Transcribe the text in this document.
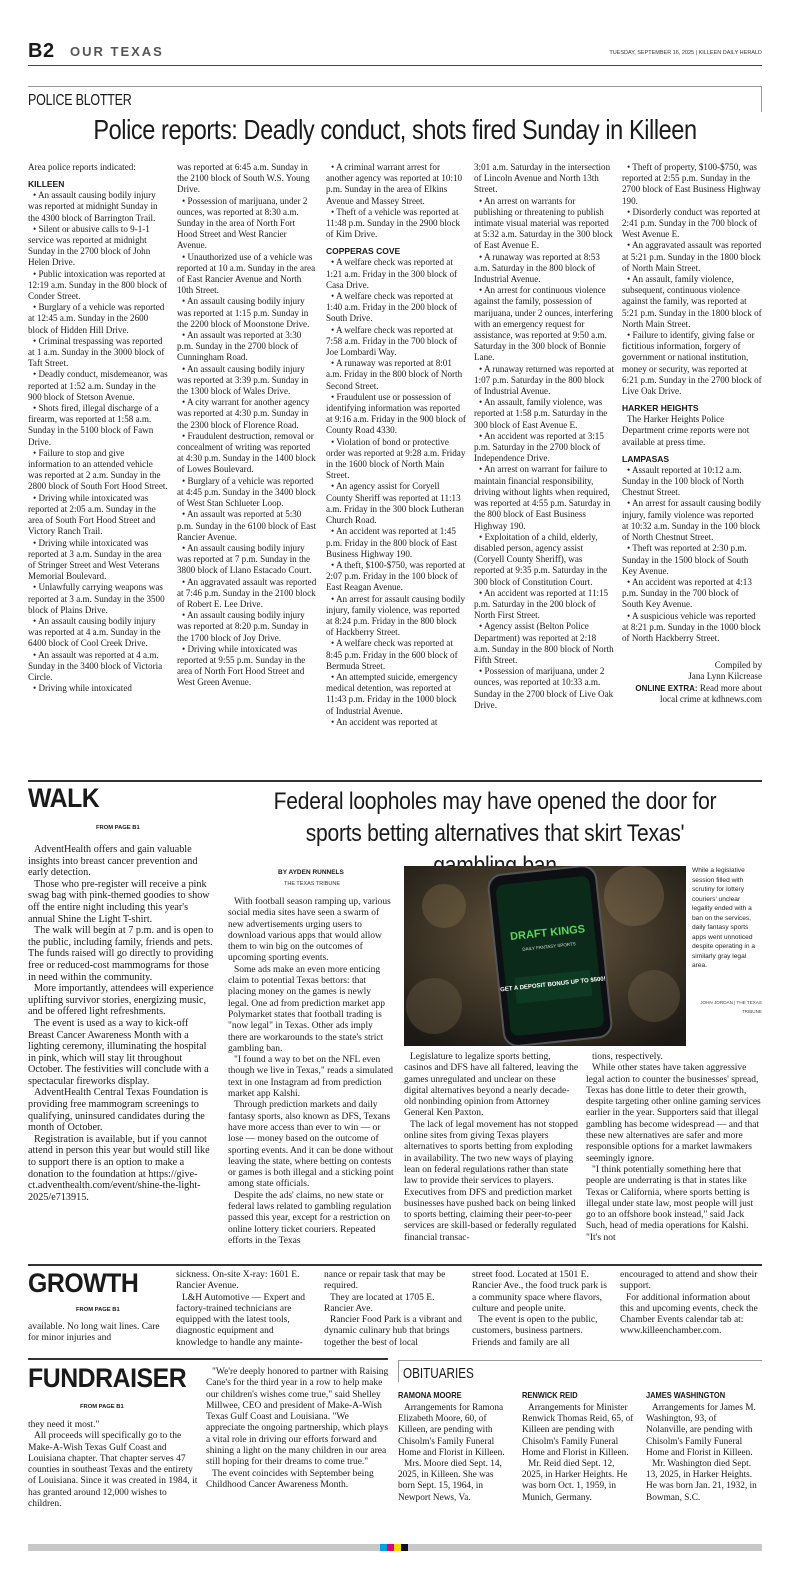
B2 OUR TEXAS	TUESDAY, SEPTEMBER 16, 2025 | KILLEEN DAILY HERALD
POLICE BLOTTER
Police reports: Deadly conduct, shots fired Sunday in Killeen

Area police reports indicated:

KILLEEN

• An assault causing bodily injury was reported at midnight Sunday in the 4300 block of Barrington Trail.

• Silent or abusive calls to 9-1-1 service was reported at midnight Sunday in the 2700 block of John Helen Drive.

• Public intoxication was reported at 12:19 a.m. Sunday in the 800 block of Conder Street.

• Burglary of a vehicle was reported at 12:45 a.m. Sunday in the 2600 block of Hidden Hill Drive.

• Criminal trespassing was reported at 1 a.m. Sunday in the 3000 block of Taft Street.

• Deadly conduct, misdemeanor, was reported at 1:52 a.m. Sunday in the 900 block of Stetson Avenue.

• Shots fired, illegal discharge of a firearm, was reported at 1:58 a.m. Sunday in the 5100 block of Fawn Drive.

• Failure to stop and give information to an attended vehicle was reported at 2 a.m. Sunday in the 2800 block of South Fort Hood Street.

• Driving while intoxicated was reported at 2:05 a.m. Sunday in the area of South Fort Hood Street and Victory Ranch Trail.

• Driving while intoxicated was reported at 3 a.m. Sunday in the area of Stringer Street and West Veterans Memorial Boulevard.

• Unlawfully carrying weapons was reported at 3 a.m. Sunday in the 3500 block of Plains Drive.

• An assault causing bodily injury was reported at 4 a.m. Sunday in the 6400 block of Cool Creek Drive.

• An assault was reported at 4 a.m. Sunday in the 3400 block of Victoria Circle.

• Driving while intoxicated

was reported at 6:45 a.m. Sunday in the 2100 block of South W.S. Young Drive.

• Possession of marijuana, under 2 ounces, was reported at 8:30 a.m. Sunday in the area of North Fort Hood Street and West Rancier Avenue.

• Unauthorized use of a vehicle was reported at 10 a.m. Sunday in the area of East Rancier Avenue and North 10th Street.

• An assault causing bodily injury was reported at 1:15 p.m. Sunday in the 2200 block of Moonstone Drive.

• An assault was reported at 3:30 p.m. Sunday in the 2700 block of Cunningham Road.

• An assault causing bodily injury was reported at 3:39 p.m. Sunday in the 1300 block of Wales Drive.

• A city warrant for another agency was reported at 4:30 p.m. Sunday in the 2300 block of Florence Road.

• Fraudulent destruction, removal or concealment of writing was reported at 4:30 p.m. Sunday in the 1400 block of Lowes Boulevard.

• Burglary of a vehicle was reported at 4:45 p.m. Sunday in the 3400 block of West Stan Schlueter Loop.

• An assault was reported at 5:30 p.m. Sunday in the 6100 block of East Rancier Avenue.

• An assault causing bodily injury was reported at 7 p.m. Sunday in the 3800 block of Llano Estacado Court.

• An aggravated assault was reported at 7:46 p.m. Sunday in the 2100 block of Robert E. Lee Drive.

• An assault causing bodily injury was reported at 8:20 p.m. Sunday in the 1700 block of Joy Drive.

• Driving while intoxicated was reported at 9:55 p.m. Sunday in the area of North Fort Hood Street and West Green Avenue.

• A criminal warrant arrest for another agency was reported at 10:10 p.m. Sunday in the area of Elkins Avenue and Massey Street.

• Theft of a vehicle was reported at 11:48 p.m. Sunday in the 2900 block of Kim Drive.

COPPERAS COVE

• A welfare check was reported at 1:21 a.m. Friday in the 300 block of Casa Drive.

• A welfare check was reported at 1:40 a.m. Friday in the 200 block of South Drive.

• A welfare check was reported at 7:58 a.m. Friday in the 700 block of Joe Lombardi Way.

• A runaway was reported at 8:01 a.m. Friday in the 800 block of North Second Street.

• Fraudulent use or possession of identifying information was reported at 9:16 a.m. Friday in the 900 block of County Road 4330.

• Violation of bond or protective order was reported at 9:28 a.m. Friday in the 1600 block of North Main Street.

• An agency assist for Coryell County Sheriff was reported at 11:13 a.m. Friday in the 300 block Lutheran Church Road.

• An accident was reported at 1:45 p.m. Friday in the 800 block of East Business Highway 190.

• A theft, $100-$750, was reported at 2:07 p.m. Friday in the 100 block of East Reagan Avenue.

• An arrest for assault causing bodily injury, family violence, was reported at 8:24 p.m. Friday in the 800 block of Hackberry Street.

• A welfare check was reported at 8:45 p.m. Friday in the 600 block of Bermuda Street.

• An attempted suicide, emergency medical detention, was reported at 11:43 p.m. Friday in the 1000 block of Industrial Avenue.

• An accident was reported at

3:01 a.m. Saturday in the intersection of Lincoln Avenue and North 13th Street.

• An arrest on warrants for publishing or threatening to publish intimate visual material was reported at 5:32 a.m. Saturday in the 300 block of East Avenue E.

• A runaway was reported at 8:53 a.m. Saturday in the 800 block of Industrial Avenue.

• An arrest for continuous violence against the family, possession of marijuana, under 2 ounces, interfering with an emergency request for assistance, was reported at 9:50 a.m. Saturday in the 300 block of Bonnie Lane.

• A runaway returned was reported at 1:07 p.m. Saturday in the 800 block of Industrial Avenue.

• An assault, family violence, was reported at 1:58 p.m. Saturday in the 300 block of East Avenue E.

• An accident was reported at 3:15 p.m. Saturday in the 2700 block of Independence Drive.

• An arrest on warrant for failure to maintain financial responsibility, driving without lights when required, was reported at 4:55 p.m. Saturday in the 800 block of East Business Highway 190.

• Exploitation of a child, elderly, disabled person, agency assist (Coryell County Sheriff), was reported at 9:35 p.m. Saturday in the 300 block of Constitution Court.

• An accident was reported at 11:15 p.m. Saturday in the 200 block of North First Street.

• Agency assist (Belton Police Department) was reported at 2:18 a.m. Sunday in the 800 block of North Fifth Street.

• Possession of marijuana, under 2 ounces, was reported at 10:33 a.m. Sunday in the 2700 block of Live Oak Drive.

• Theft of property, $100-$750, was reported at 2:55 p.m. Sunday in the 2700 block of East Business Highway 190.

• Disorderly conduct was reported at 2:41 p.m. Sunday in the 700 block of West Avenue E.

• An aggravated assault was reported at 5:21 p.m. Sunday in the 1800 block of North Main Street.

• An assault, family violence, subsequent, continuous violence against the family, was reported at 5:21 p.m. Sunday in the 1800 block of North Main Street.

• Failure to identify, giving false or fictitious information, forgery of government or national institution, money or security, was reported at 6:21 p.m. Sunday in the 2700 block of Live Oak Drive.

HARKER HEIGHTS

The Harker Heights Police Department crime reports were not available at press time.

LAMPASAS

• Assault reported at 10:12 a.m. Sunday in the 100 block of North Chestnut Street.

• An arrest for assault causing bodily injury, family violence was reported at 10:32 a.m. Sunday in the 100 block of North Chestnut Street.

• Theft was reported at 2:30 p.m. Sunday in the 1500 block of South Key Avenue.

• An accident was reported at 4:13 p.m. Sunday in the 700 block of South Key Avenue.

• A suspicious vehicle was reported at 8:21 p.m. Sunday in the 1000 block of North Hackberry Street.

Compiled by
Jana Lynn Kilcrease
ONLINE EXTRA: Read more about local crime at kdhnews.com
WALK
FROM PAGE B1

AdventHealth offers and gain valuable insights into breast cancer prevention and early detection.

Those who pre-register will receive a pink swag bag with pink-themed goodies to show off the entire night including this year's annual Shine the Light T-shirt.

The walk will begin at 7 p.m. and is open to the public, including family, friends and pets. The funds raised will go directly to providing free or reduced-cost mammograms for those in need within the community.

More importantly, attendees will experience uplifting survivor stories, energizing music, and be offered light refreshments.

The event is used as a way to kick-off Breast Cancer Awareness Month with a lighting ceremony, illuminating the hospital in pink, which will stay lit throughout October. The festivities will conclude with a spectacular fireworks display.

AdventHealth Central Texas Foundation is providing free mammogram screenings to qualifying, uninsured candidates during the month of October.

Registration is available, but if you cannot attend in person this year but would still like to support there is an option to make a donation to the foundation at https://give-ct.adventhealth.com/event/shine-the-light-2025/e713915.

Federal loopholes may have opened the door for sports betting alternatives that skirt Texas'
BY AYDEN RUNNELS
THE TEXAS TRIBUNE

With football season ramping up, various social media sites have seen a swarm of new advertisements urging users to download various apps that would allow them to win big on the outcomes of upcoming sporting events.

Some ads make an even more enticing claim to potential Texas bettors: that placing money on the games is newly legal. One ad from prediction market app Polymarket states that football trading is "now legal" in Texas. Other ads imply there are workarounds to the state's strict gambling ban.

"I found a way to bet on the NFL even though we live in Texas," reads a simulated text in one Instagram ad from prediction market app Kalshi.

Through prediction markets and daily fantasy sports, also known as DFS, Texans have more access than ever to win — or lose — money based on the outcome of sporting events. And it can be done without leaving the state, where betting on contests or games is both illegal and a sticking point among state officials.

Despite the ads' claims, no new state or federal laws related to gambling regulation passed this year, except for a restriction on online lottery ticket couriers. Repeated efforts in the Texas

DRAFT KINGS
DAILY FANTASY SPORTS
GET A DEPOSIT BONUS UP TO $500!
While a legislative session filled with scrutiny for lottery couriers' unclear legality ended with a ban on the services, daily fantasy sports apps went unnoticed despite operating in a similarly gray legal area.
JOHN JORDAN | THE TEXAS TRIBUNE

Legislature to legalize sports betting, casinos and DFS have all faltered, leaving the games unregulated and unclear on these digital alternatives beyond a nearly decade-old nonbinding opinion from Attorney General Ken Paxton.

The lack of legal movement has not stopped online sites from giving Texas players alternatives to sports betting from exploding in availability. The two new ways of playing lean on federal regulations rather than state law to provide their services to players. Executives from DFS and prediction market businesses have pushed back on being linked to sports betting, claiming their peer-to-peer services are skill-based or federally regulated financial transac-

tions, respectively.

While other states have taken aggressive legal action to counter the businesses' spread, Texas has done little to deter their growth, despite targeting other online gaming services earlier in the year. Supporters said that illegal gambling has become widespread — and that these new alternatives are safer and more responsible options for a market lawmakers seemingly ignore.

"I think potentially something here that people are underrating is that in states like Texas or California, where sports betting is illegal under state law, most people will just go to an offshore book instead," said Jack Such, head of media operations for Kalshi. "It's not

GROWTH
FROM PAGE B1

available. No long wait lines. Care for minor injuries and

sickness. On-site X-ray: 1601 E. Rancier Avenue.

L&H Automotive — Expert and factory-trained technicians are equipped with the latest tools, diagnostic equipment and knowledge to handle any mainte-

nance or repair task that may be required.

They are located at 1705 E. Rancier Ave.

Rancier Food Park is a vibrant and dynamic culinary hub that brings together the best of local

street food. Located at 1501 E. Rancier Ave., the food truck park is a community space where flavors, culture and people unite.

The event is open to the public, customers, business partners. Friends and family are all

encouraged to attend and show their support.

For additional information about this and upcoming events, check the Chamber Events calendar tab at: www.killeenchamber.com.

FUNDRAISER
FROM PAGE B1

they need it most."

All proceeds will specifically go to the Make-A-Wish Texas Gulf Coast and Louisiana chapter. That chapter serves 47 counties in southeast Texas and the entirety of Louisiana. Since it was created in 1984, it has granted around 12,000 wishes to children.

"We're deeply honored to partner with Raising Cane's for the third year in a row to help make our children's wishes come true," said Shelley Millwee, CEO and president of Make-A-Wish Texas Gulf Coast and Louisiana. "We appreciate the ongoing partnership, which plays a vital role in driving our efforts forward and shining a light on the many children in our area still hoping for their dreams to come true."

The event coincides with September being Childhood Cancer Awareness Month.

OBITUARIES

RAMONA MOORE

Arrangements for Ramona Elizabeth Moore, 60, of Killeen, are pending with Chisolm's Family Funeral Home and Florist in Killeen.

Mrs. Moore died Sept. 14, 2025, in Killeen. She was born Sept. 15, 1964, in Newport News, Va.

RENWICK REID

Arrangements for Minister Renwick Thomas Reid, 65, of Killeen are pending with Chisolm's Family Funeral Home and Florist in Killeen.

Mr. Reid died Sept. 12, 2025, in Harker Heights. He was born Oct. 1, 1959, in Munich, Germany.

JAMES WASHINGTON

Arrangements for James M. Washington, 93, of Nolanville, are pending with Chisolm's Family Funeral Home and Florist in Killeen.

Mr. Washington died Sept. 13, 2025, in Harker Heights. He was born Jan. 21, 1932, in Bowman, S.C.
